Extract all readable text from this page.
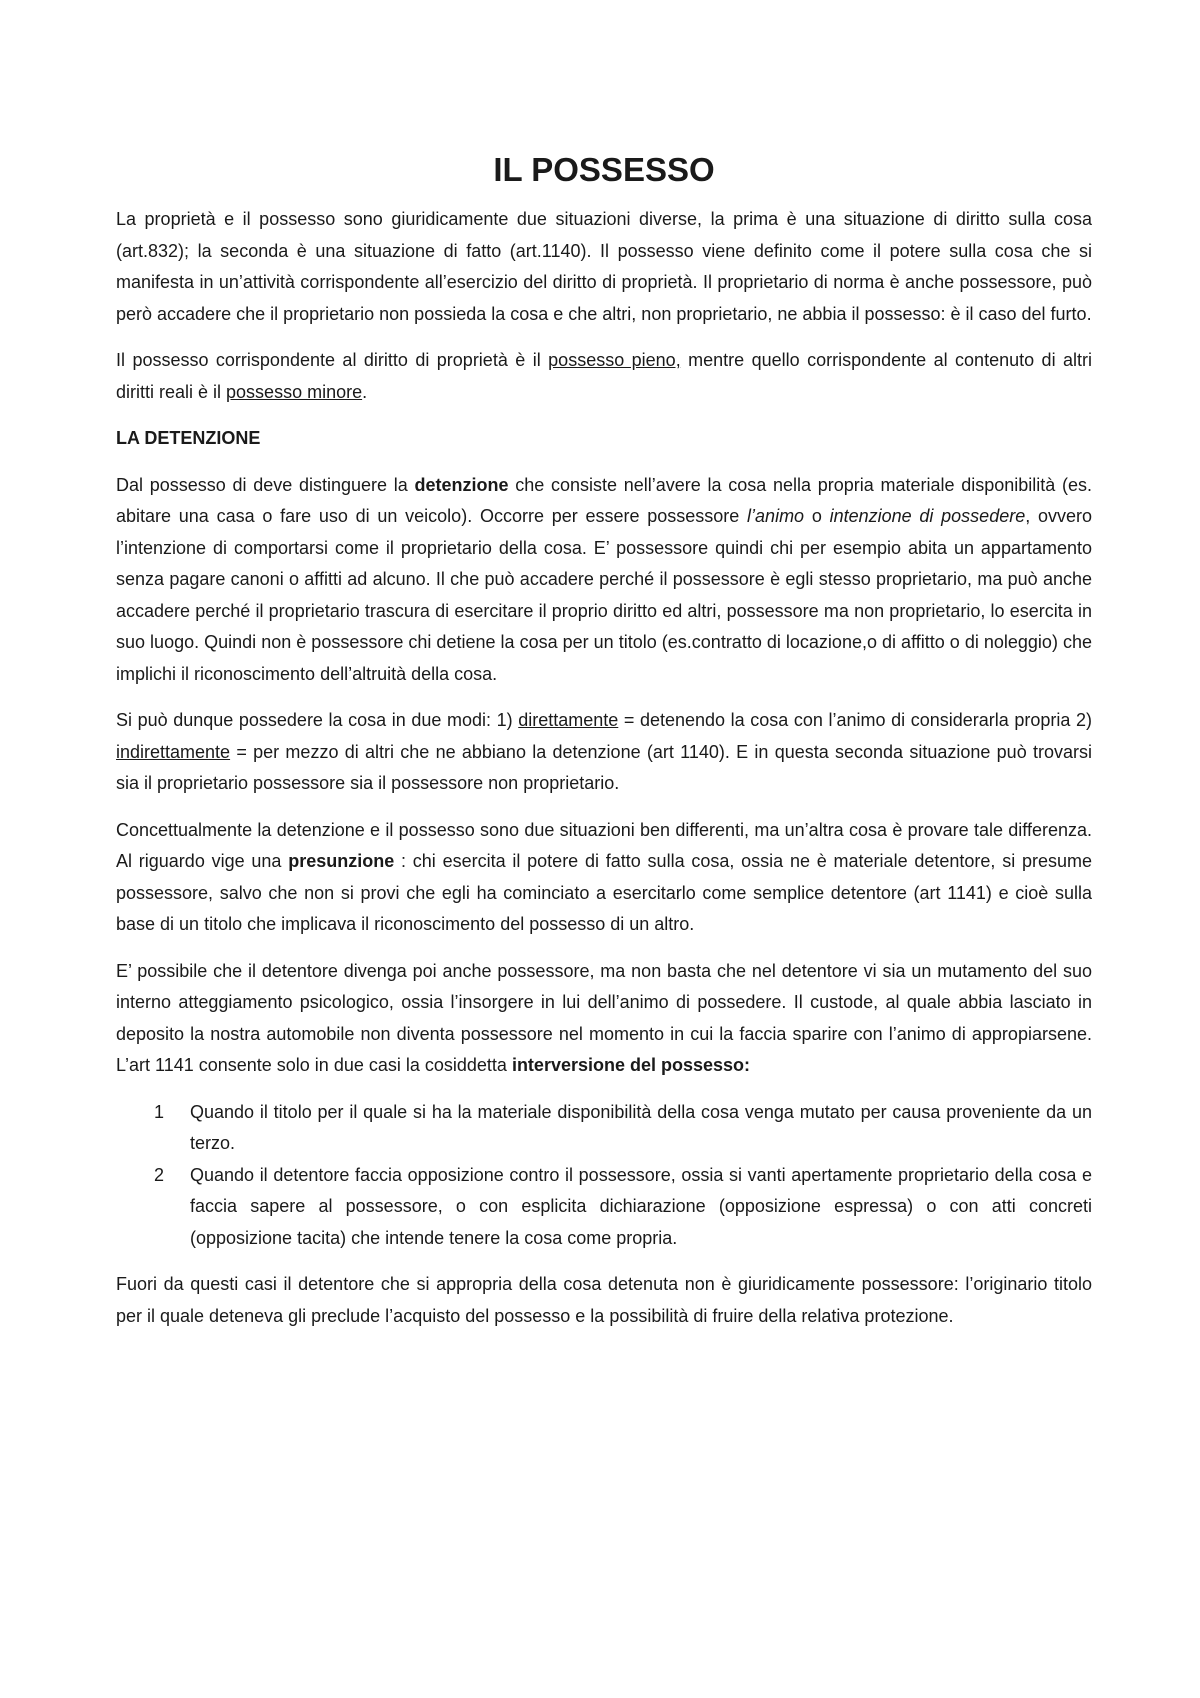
IL POSSESSO

La proprietà e il possesso sono giuridicamente due situazioni diverse, la prima è una situazione di diritto sulla cosa (art.832); la seconda è una situazione di fatto (art.1140). Il possesso viene definito come il potere sulla cosa che si manifesta in un’attività corrispondente all’esercizio del diritto di proprietà. Il proprietario di norma è anche possessore, può però accadere che il proprietario non possieda la cosa e che altri, non proprietario, ne abbia il possesso: è il caso del furto.

Il possesso corrispondente al diritto di proprietà è il possesso pieno, mentre quello corrispondente al contenuto di altri diritti reali è il possesso minore.

LA DETENZIONE

Dal possesso di deve distinguere la detenzione che consiste nell’avere la cosa nella propria materiale disponibilità (es. abitare una casa o fare uso di un veicolo). Occorre per essere possessore l’animo o intenzione di possedere, ovvero l’intenzione di comportarsi come il proprietario della cosa. E’ possessore quindi chi per esempio abita un appartamento senza pagare canoni o affitti ad alcuno. Il che può accadere perché il possessore è egli stesso proprietario, ma può anche accadere perché il proprietario trascura di esercitare il proprio diritto ed altri, possessore ma non proprietario, lo esercita in suo luogo. Quindi non è possessore chi detiene la cosa per un titolo (es.contratto di locazione,o di affitto o di noleggio) che implichi il riconoscimento dell’altruità della cosa.

Si può dunque possedere la cosa in due modi: 1) direttamente = detenendo la cosa con l’animo di considerarla propria 2) indirettamente = per mezzo di altri che ne abbiano la detenzione (art 1140). E in questa seconda situazione può trovarsi sia il proprietario possessore sia il possessore non proprietario.

Concettualmente la detenzione e il possesso sono due situazioni ben differenti, ma un’altra cosa è provare tale differenza. Al riguardo vige una presunzione : chi esercita il potere di fatto sulla cosa, ossia ne è materiale detentore, si presume possessore, salvo che non si provi che egli ha cominciato a esercitarlo come semplice detentore (art 1141) e cioè sulla base di un titolo che implicava il riconoscimento del possesso di un altro.

E’ possibile che il detentore divenga poi anche possessore, ma non basta che nel detentore vi sia un mutamento del suo interno atteggiamento psicologico, ossia l’insorgere in lui dell’animo di possedere. Il custode, al quale abbia lasciato in deposito la nostra automobile non diventa possessore nel momento in cui la faccia sparire con l’animo di appropiarsene. L’art 1141 consente solo in due casi la cosiddetta interversione del possesso:

1 Quando il titolo per il quale si ha la materiale disponibilità della cosa venga mutato per causa proveniente da un terzo.
2 Quando il detentore faccia opposizione contro il possessore, ossia si vanti apertamente proprietario della cosa e faccia sapere al possessore, o con esplicita dichiarazione (opposizione espressa) o con atti concreti (opposizione tacita) che intende tenere la cosa come propria.

Fuori da questi casi il detentore che si appropria della cosa detenuta non è giuridicamente possessore: l’originario titolo per il quale deteneva gli preclude l’acquisto del possesso e la possibilità di fruire della relativa protezione.
